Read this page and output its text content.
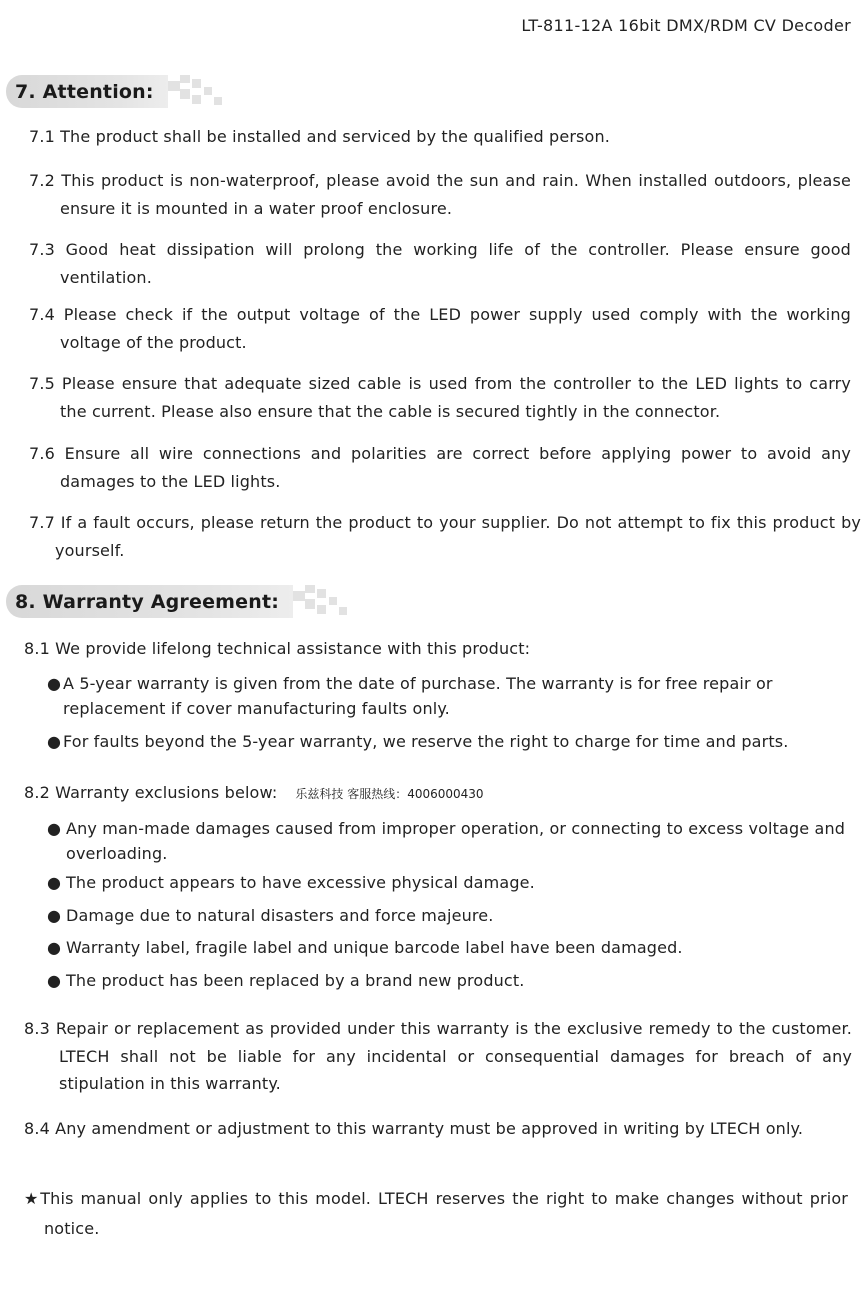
LT-811-12A 16bit DMX/RDM CV Decoder
7. Attention:
7.1 The product shall be installed and serviced by the qualified person.
7.2 This product is non-waterproof, please avoid the sun and rain. When installed outdoors, please ensure it is mounted in a water proof enclosure.
7.3 Good heat dissipation will prolong the working life of the controller. Please ensure good ventilation.
7.4 Please check if the output voltage of the LED power supply used comply with the working voltage of the product.
7.5 Please ensure that adequate sized cable is used from the controller to the LED lights to carry the current. Please also ensure that the cable is secured tightly in the connector.
7.6 Ensure all wire connections and polarities are correct before applying power to avoid any damages to the LED lights.
7.7 If a fault occurs, please return the product to your supplier. Do not attempt to fix this product by yourself.
8. Warranty Agreement:
8.1 We provide lifelong technical assistance with this product:
● A 5-year warranty is given from the date of purchase. The warranty is for free repair or replacement if cover manufacturing faults only.
● For faults beyond the 5-year warranty, we reserve the right to charge for time and parts.
8.2 Warranty exclusions below: 乐兹科技 客服热线：4006000430
● Any man-made damages caused from improper operation, or connecting to excess voltage and overloading.
● The product appears to have excessive physical damage.
● Damage due to natural disasters and force majeure.
● Warranty label, fragile label and unique barcode label have been damaged.
● The product has been replaced by a brand new product.
8.3 Repair or replacement as provided under this warranty is the exclusive remedy to the customer. LTECH shall not be liable for any incidental or consequential damages for breach of any stipulation in this warranty.
8.4 Any amendment or adjustment to this warranty must be approved in writing by LTECH only.
★This manual only applies to this model. LTECH reserves the right to make changes without prior notice.
